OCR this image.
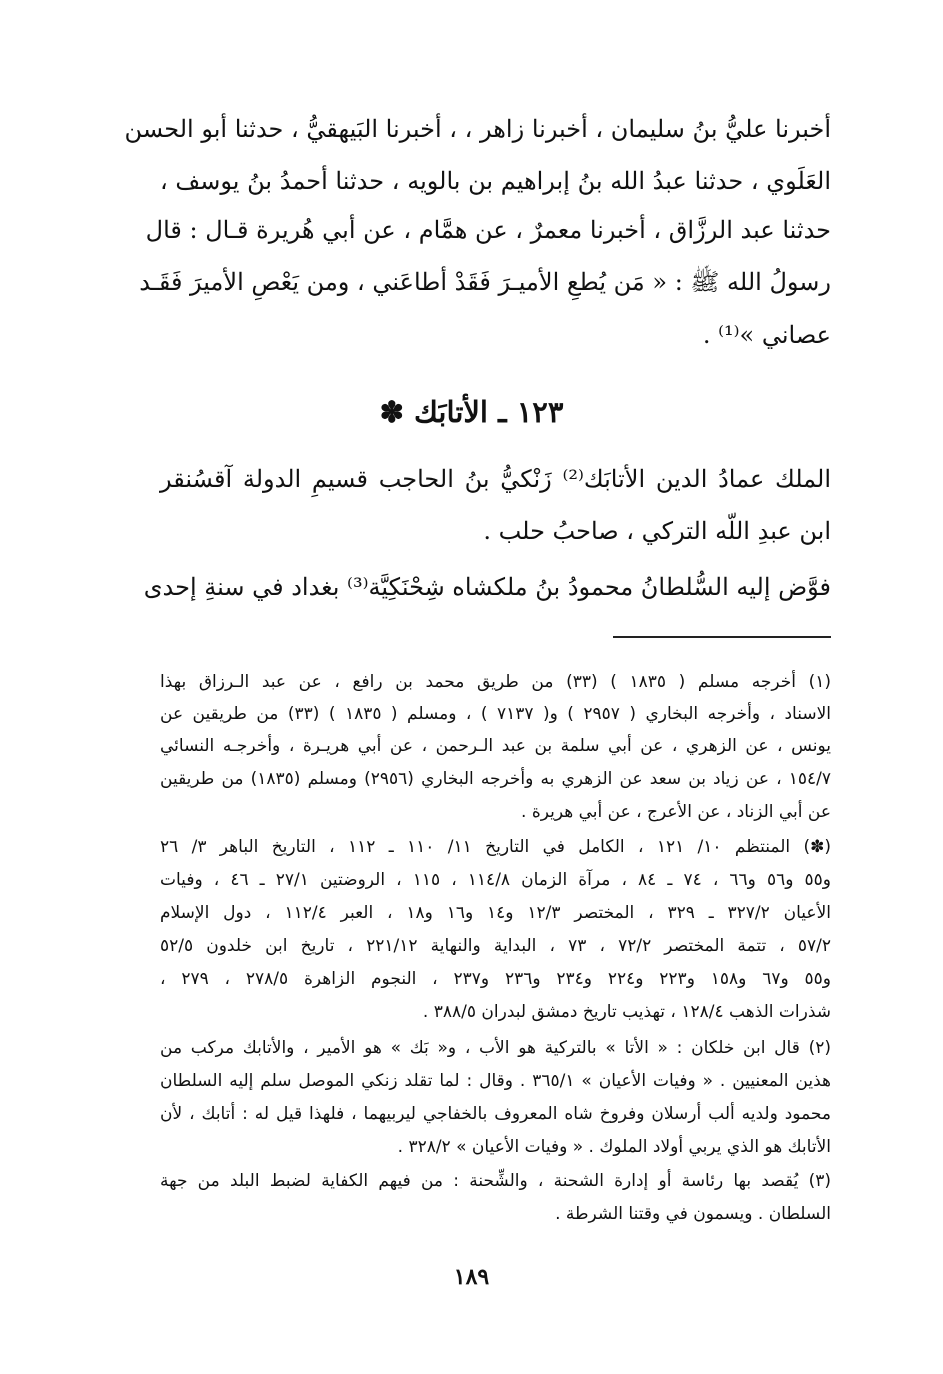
أخبرنا عليُّ بنُ سليمان ، أخبرنا زاهر ، ، أخبرنا البَيهقيُّ ، حدثنا أبو الحسن
العَلَوي ، حدثنا عبدُ الله بنُ إبراهيم بن بالويه ، حدثنا أحمدُ بنُ يوسف ،
حدثنا عبد الرزَّاق ، أخبرنا معمرٌ ، عن همَّام ، عن أبي هُريرة قـال : قال
رسولُ الله ﷺ : « مَن يُطعِ الأميـرَ فَقَدْ أطاعَني ، ومن يَعْصِ الأميرَ فَقَـد
عصاني »⁽¹⁾ .
١٢٣ ـ الأتابَك ✽
الملك عمادُ الدين الأتابَك⁽²⁾ زَنْكيُّ بنُ الحاجب قسيمِ الدولة آقسُنقر
ابن عبدِ اللّه التركي ، صاحبُ حلب .
فوَّض إليه السُّلطانُ محمودُ بنُ ملكشاه شِحْنَكِيَّة⁽³⁾ بغداد في سنةِ إحدى
(١) أخرجه مسلم ( ١٨٣٥ ) (٣٣) من طريق محمد بن رافع ، عن عبد الـرزاق بهذا
الاسناد ، وأخرجه البخاري ( ٢٩٥٧ ) و( ٧١٣٧ ) ، ومسلم ( ١٨٣٥ ) (٣٣) من طريقين عن
يونس ، عن الزهري ، عن أبي سلمة بن عبد الـرحمن ، عن أبي هريـرة ، وأخرجـه النسائي
١٥٤/٧ ، عن زياد بن سعد عن الزهري به وأخرجه البخاري (٢٩٥٦) ومسلم (١٨٣٥) من طريقين
عن أبي الزناد ، عن الأعرج ، عن أبي هريرة .
(✽) المنتظم ١٠/ ١٢١ ، الكامل في التاريخ ١١/ ١١٠ ـ ١١٢ ، التاريخ الباهر ٣/ ٢٦
و٥٥ و٥٦ و٦٦ ، ٧٤ ـ ٨٤ ، مرآة الزمان ١١٤/٨ ، ١١٥ ، الروضتين ٢٧/١ ـ ٤٦ ، وفيات
الأعيان ٣٢٧/٢ ـ ٣٢٩ ، المختصر ١٢/٣ و١٤ و١٦ و١٨ ، العبر ١١٢/٤ ، دول الإسلام
٥٧/٢ ، تتمة المختصر ٧٢/٢ ، ٧٣ ، البداية والنهاية ٢٢١/١٢ ، تاريخ ابن خلدون ٥٢/٥
و٥٥ و٦٧ و١٥٨ و٢٢٣ و٢٢٤ و٢٣٤ و٢٣٦ و٢٣٧ ، النجوم الزاهرة ٢٧٨/٥ ، ٢٧٩ ،
شذرات الذهب ١٢٨/٤ ، تهذيب تاريخ دمشق لبدران ٣٨٨/٥ .
(٢) قال ابن خلكان : « الأتا » بالتركية هو الأب ، و« بَك » هو الأمير ، والأتابك مركب من
هذين المعنيين . « وفيات الأعيان » ٣٦٥/١ . وقال : لما تقلد زنكي الموصل سلم إليه السلطان
محمود ولديه ألب أرسلان وفروخ شاه المعروف بالخفاجي ليربيهما ، فلهذا قيل له : أتابك ، لأن
الأتابك هو الذي يربي أولاد الملوك . « وفيات الأعيان » ٣٢٨/٢ .
(٣) يُقصد بها رئاسة أو إدارة الشحنة ، والشِّحنة : من فيهم الكفاية لضبط البلد من جهة
السلطان . ويسمون في وقتنا الشرطة .
١٨٩
